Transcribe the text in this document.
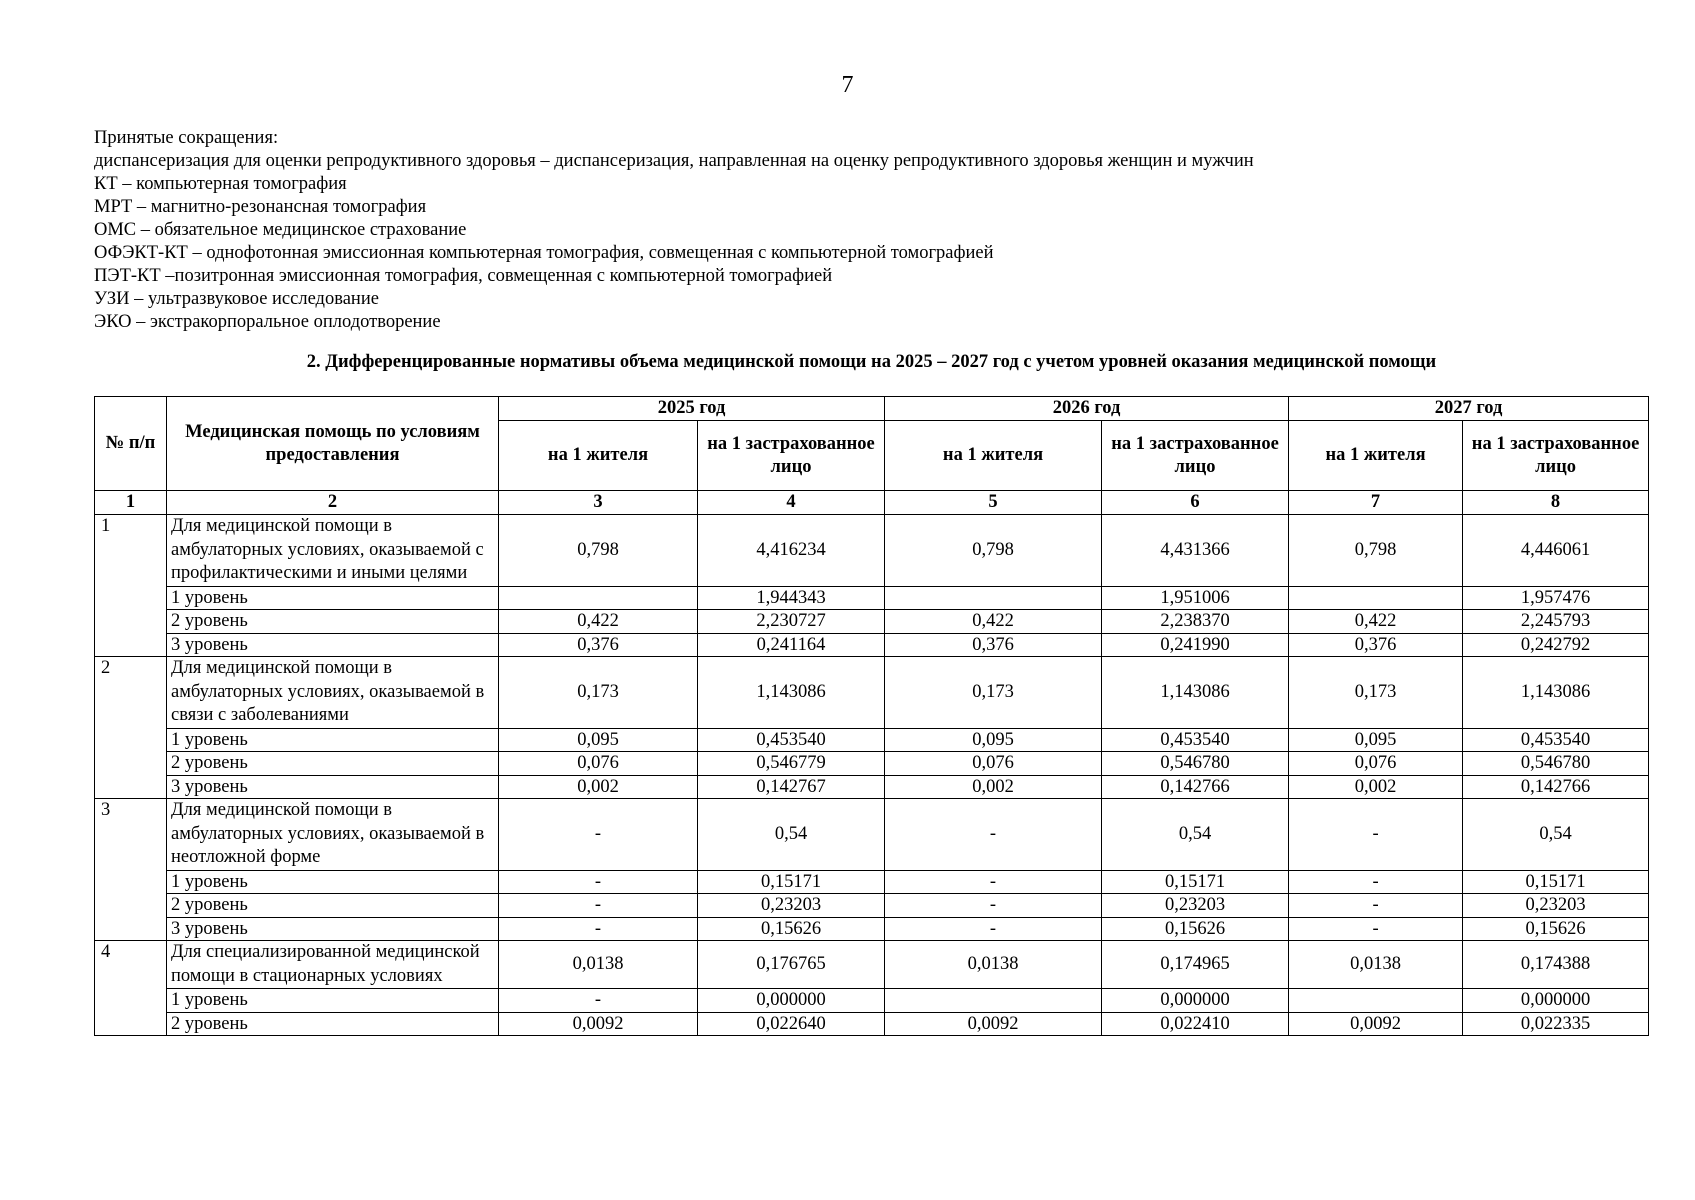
7
Принятые сокращения:
диспансеризация для оценки репродуктивного здоровья – диспансеризация, направленная на оценку репродуктивного здоровья женщин и мужчин
КТ – компьютерная томография
МРТ – магнитно-резонансная томография
ОМС – обязательное медицинское страхование
ОФЭКТ-КТ – однофотонная эмиссионная компьютерная томография, совмещенная с компьютерной томографией
ПЭТ-КТ –позитронная эмиссионная томография, совмещенная с компьютерной томографией
УЗИ – ультразвуковое исследование
ЭКО – экстракорпоральное оплодотворение
2. Дифференцированные нормативы объема медицинской помощи на 2025 – 2027 год с учетом уровней оказания медицинской помощи
№ п/п	Медицинская помощь по условиям предоставления	2025 год		2026 год		2027 год	
		на 1 жителя	на 1 застрахованное лицо	на 1 жителя	на 1 застрахованное лицо	на 1 жителя	на 1 застрахованное лицо
1	2	3	4	5	6	7	8
1	Для медицинской помощи в амбулаторных условиях, оказываемой с профилактическими и иными целями	0,798	4,416234	0,798	4,431366	0,798	4,446061
	1 уровень		1,944343		1,951006		1,957476
	2 уровень	0,422	2,230727	0,422	2,238370	0,422	2,245793
	3 уровень	0,376	0,241164	0,376	0,241990	0,376	0,242792
2	Для медицинской помощи в амбулаторных условиях, оказываемой в связи с заболеваниями	0,173	1,143086	0,173	1,143086	0,173	1,143086
	1 уровень	0,095	0,453540	0,095	0,453540	0,095	0,453540
	2 уровень	0,076	0,546779	0,076	0,546780	0,076	0,546780
	3 уровень	0,002	0,142767	0,002	0,142766	0,002	0,142766
3	Для медицинской помощи в амбулаторных условиях, оказываемой в неотложной форме	-	0,54	-	0,54	-	0,54
	1 уровень	-	0,15171	-	0,15171	-	0,15171
	2 уровень	-	0,23203	-	0,23203	-	0,23203
	3 уровень	-	0,15626	-	0,15626	-	0,15626
4	Для специализированной медицинской помощи в стационарных условиях	0,0138	0,176765	0,0138	0,174965	0,0138	0,174388
	1 уровень	-	0,000000		0,000000		0,000000
	2 уровень	0,0092	0,022640	0,0092	0,022410	0,0092	0,022335
